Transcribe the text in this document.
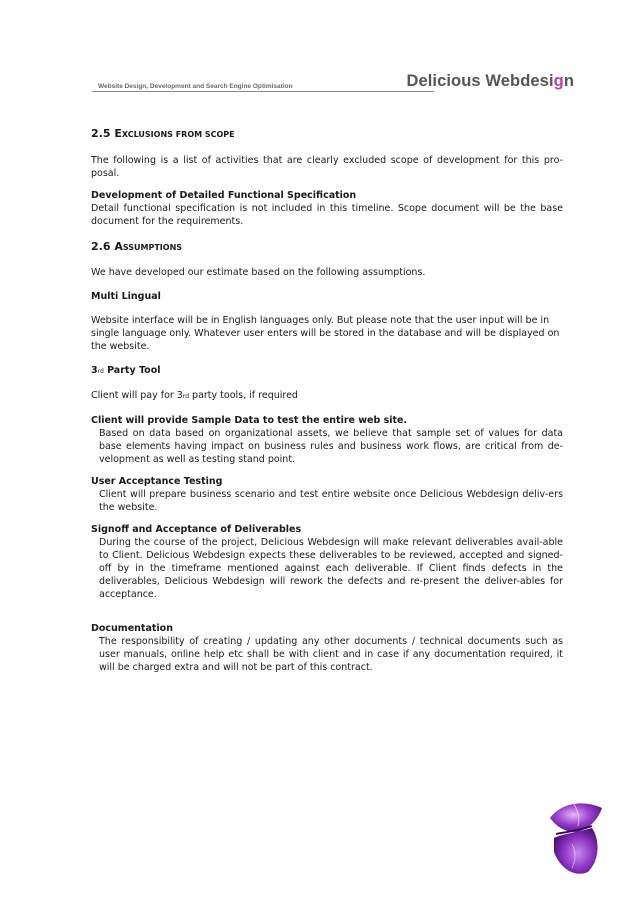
Website Design, Development and Search Engine Optimisation	Delicious Webdesign

2.5 EXCLUSIONS FROM SCOPE

The following is a list of activities that are clearly excluded scope of development for this pro-posal.

Development of Detailed Functional Specification

Detail functional specification is not included in this timeline. Scope document will be the base document for the requirements.

2.6 ASSUMPTIONS

We have developed our estimate based on the following assumptions.

Multi Lingual

Website interface will be in English languages only. But please note that the user input will be in single language only. Whatever user enters will be stored in the database and will be displayed on the website.

3rd Party Tool

Client will pay for 3rd party tools, if required

Client will provide Sample Data to test the entire web site.

Based on data based on organizational assets, we believe that sample set of values for data base elements having impact on business rules and business work flows, are critical from de-velopment as well as testing stand point.

User Acceptance Testing

Client will prepare business scenario and test entire website once Delicious Webdesign deliv-ers the website.

Signoff and Acceptance of Deliverables

During the course of the project, Delicious Webdesign will make relevant deliverables avail-able to Client. Delicious Webdesign expects these deliverables to be reviewed, accepted and signed-off by in the timeframe mentioned against each deliverable. If Client finds defects in the deliverables, Delicious Webdesign will rework the defects and re-present the deliver-ables for acceptance.

Documentation

The responsibility of creating / updating any other documents / technical documents such as user manuals, online help etc shall be with client and in case if any documentation required, it will be charged extra and will not be part of this contract.
